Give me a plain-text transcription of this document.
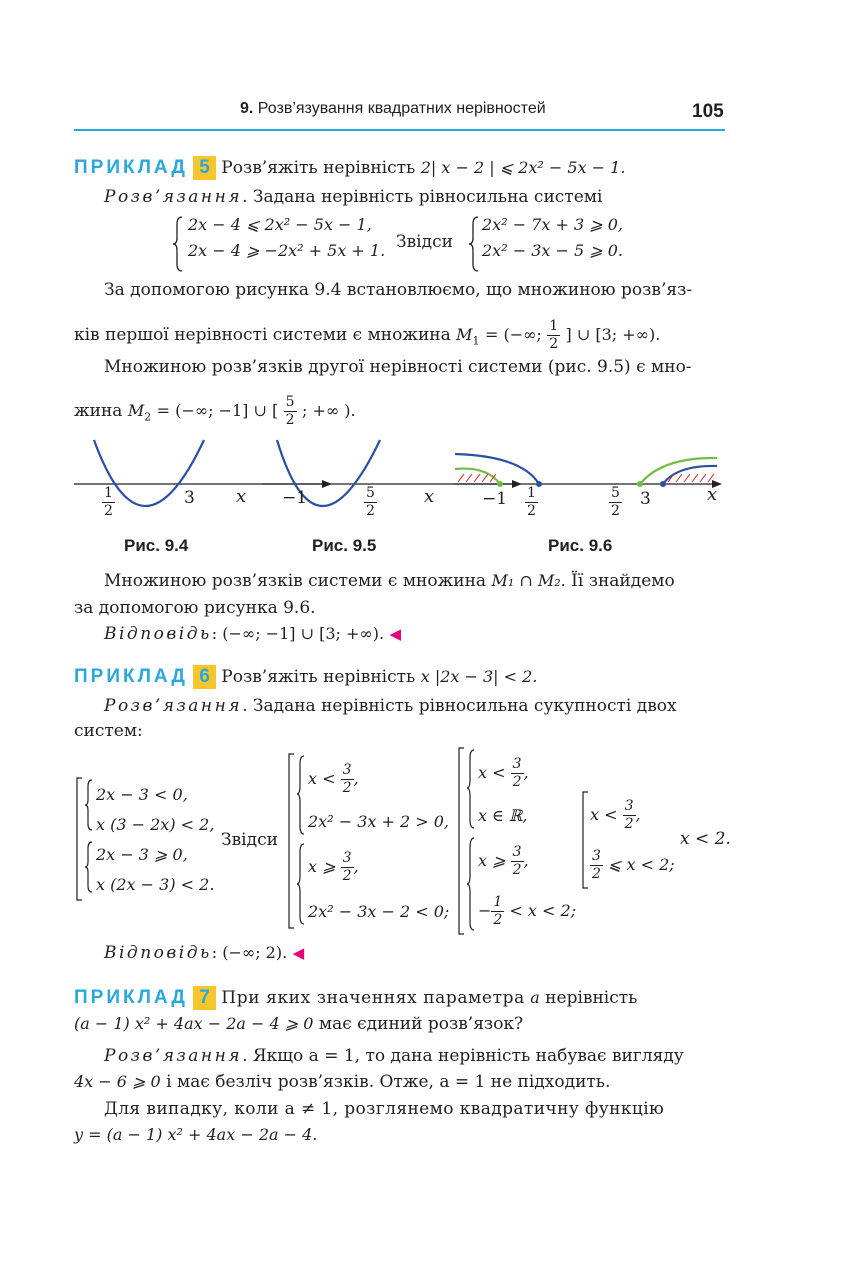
9. Розв’язування квадратних нерівностей	105
ПРИКЛАД 5 Розв’яжіть нерівність 2| x − 2 | ⩽ 2x² − 5x − 1.
Розв’язання. Задана нерівність рівносильна системі
2x − 4 ⩽ 2x² − 5x − 1,
2x − 4 ⩾ −2x² + 5x + 1. Звідси
2x² − 7x + 3 ⩾ 0,
2x² − 3x − 5 ⩾ 0.
За допомогою рисунка 9.4 встановлюємо, що множиною розв’яз-
ків першої нерівності системи є множина $M_1$ = (−∞; $\frac{1}{2}$ ] ∪ [3; +∞).
Множиною розв’язків другої нерівності системи (рис. 9.5) є мно-
жина $M_2$ = (−∞; −1] ∪ [ $\frac{5}{2}$ ; +∞ ).
$\frac{1}{2}$	3 x
Рис. 9.4
−1	$\frac{5}{2}$	x
Рис. 9.5
$-1 \frac{1}{2}$	$\frac{5}{2} 3$	x
Рис. 9.6
Множиною розв’язків системи є множина M₁ ∩ M₂. Її знайдемо
за допомогою рисунка 9.6.
Відповідь: (−∞; −1] ∪ [3; +∞). ◀
ПРИКЛАД 6 Розв’яжіть нерівність x |2x − 3| < 2.
Розв’язання. Задана нерівність рівносильна сукупності двох
систем:
2x − 3 < 0,
x (3 − 2x) < 2,
2x − 3 ⩾ 0,
x (2x − 3) < 2.
Звідси
$x < \frac{3}{2}$ ,
2x² − 3x + 2 > 0,
x ⩾ $\frac{3}{2}$ ,
2x² − 3x − 2 < 0;
$x < \frac{3}{2}$ ,
x ∈ ℝ,
x ⩾ $\frac{3}{2}$ ,
− $\frac{1}{2} < x < 2$;
$x < \frac{3}{2}$ ,
$\frac{3}{2}$ ⩽ x < 2;
x < 2.
Відповідь: (−∞; 2). ◀
ПРИКЛАД 7 При яких значеннях параметра a нерівність
(a − 1) x² + 4ax − 2a − 4 ⩾ 0 має єдиний розв’язок?
Розв’язання. Якщо a = 1, то дана нерівність набуває вигляду
4x − 6 ⩾ 0 і має безліч розв’язків. Отже, a = 1 не підходить.
Для випадку, коли a ≠ 1, розглянемо квадратичну функцію
y = (a − 1) x² + 4ax − 2a − 4.
